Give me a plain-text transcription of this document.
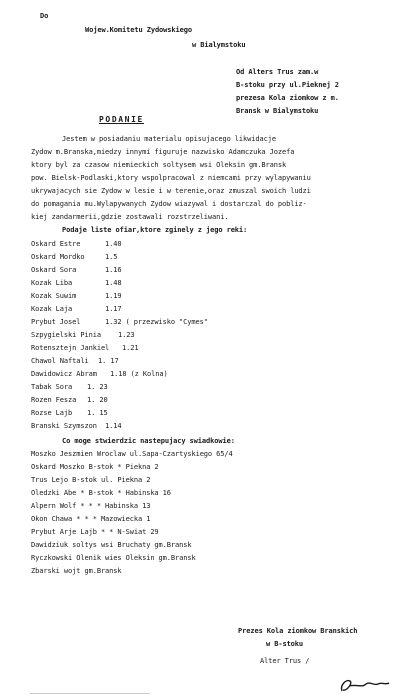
Do
Wojew.Komitetu Zydowskiego
w Bialymstoku
Od Alters Trus zam.w
B-stoku przy ul.Pieknej 2
prezesa Kola ziomkow z m.
Bransk w Bialymstoku
PODANIE
Jestem w posiadaniu materialu opisujacego likwidacje
Zydow m.Branska,miedzy innymi figuruje nazwisko Adamczuka Jozefa
ktory byl za czasow niemieckich soltysem wsi Oleksin gm.Bransk
pow. Bielsk-Podlaski,ktory wspolpracowal z niemcami przy wylapywaniu
ukrywajacych sie Zydow w lesie i w terenie,oraz zmuszal swoich ludzi
do pomagania mu.Wylapywanych Zydow wiazywal i dostarczal do pobliz-
kiej zandarmerii,gdzie zostawali rozstrzeliwani.
Podaje liste ofiar,ktore zginely z jego reki:
Oskard Estre	1.40
Oskard Mordko	1.5
Oskard Sora	1.16
Kozak Liba	1.48
Kozak Suwim	1.19
Kozak Laja	1.17
Prybut Josel	1.32 ( przezwisko "Cymes"
Szpygielski Pinia 1.23
Rotensztejn Jankiel 1.21
Chawol Naftali 1. 17
Dawidowicz Abram 1.18 (z Kolna)
Tabak Sora 1. 23
Rozen Fesza 1. 20
Rozse Lajb 1. 15
Branski Szymszon 1.14
Co moge stwierdzic nastepujacy swiadkowie:
Moszko Jeszmien Wroclaw ul.Sapa-Czartyskiego 65/4
Oskard Moszko B-stok * Piekna 2
Trus Lejo B-stok ul. Piekna 2
Oledzki Abe * B-stok * Habinska 16
Alpern Wolf * * * Habinska 13
Okon Chawa * * * Mazowiecka 1
Prybut Arje Lajb * * N-Swiat 29
Dawidziuk soltys wsi Bruchaty gm.Bransk
Ryczkowski Olenik wies Oleksin gm.Bransk
Zbarski wojt gm.Bransk
Prezes Kola ziomkow Branskich
w B-stoku
Alter Trus /
